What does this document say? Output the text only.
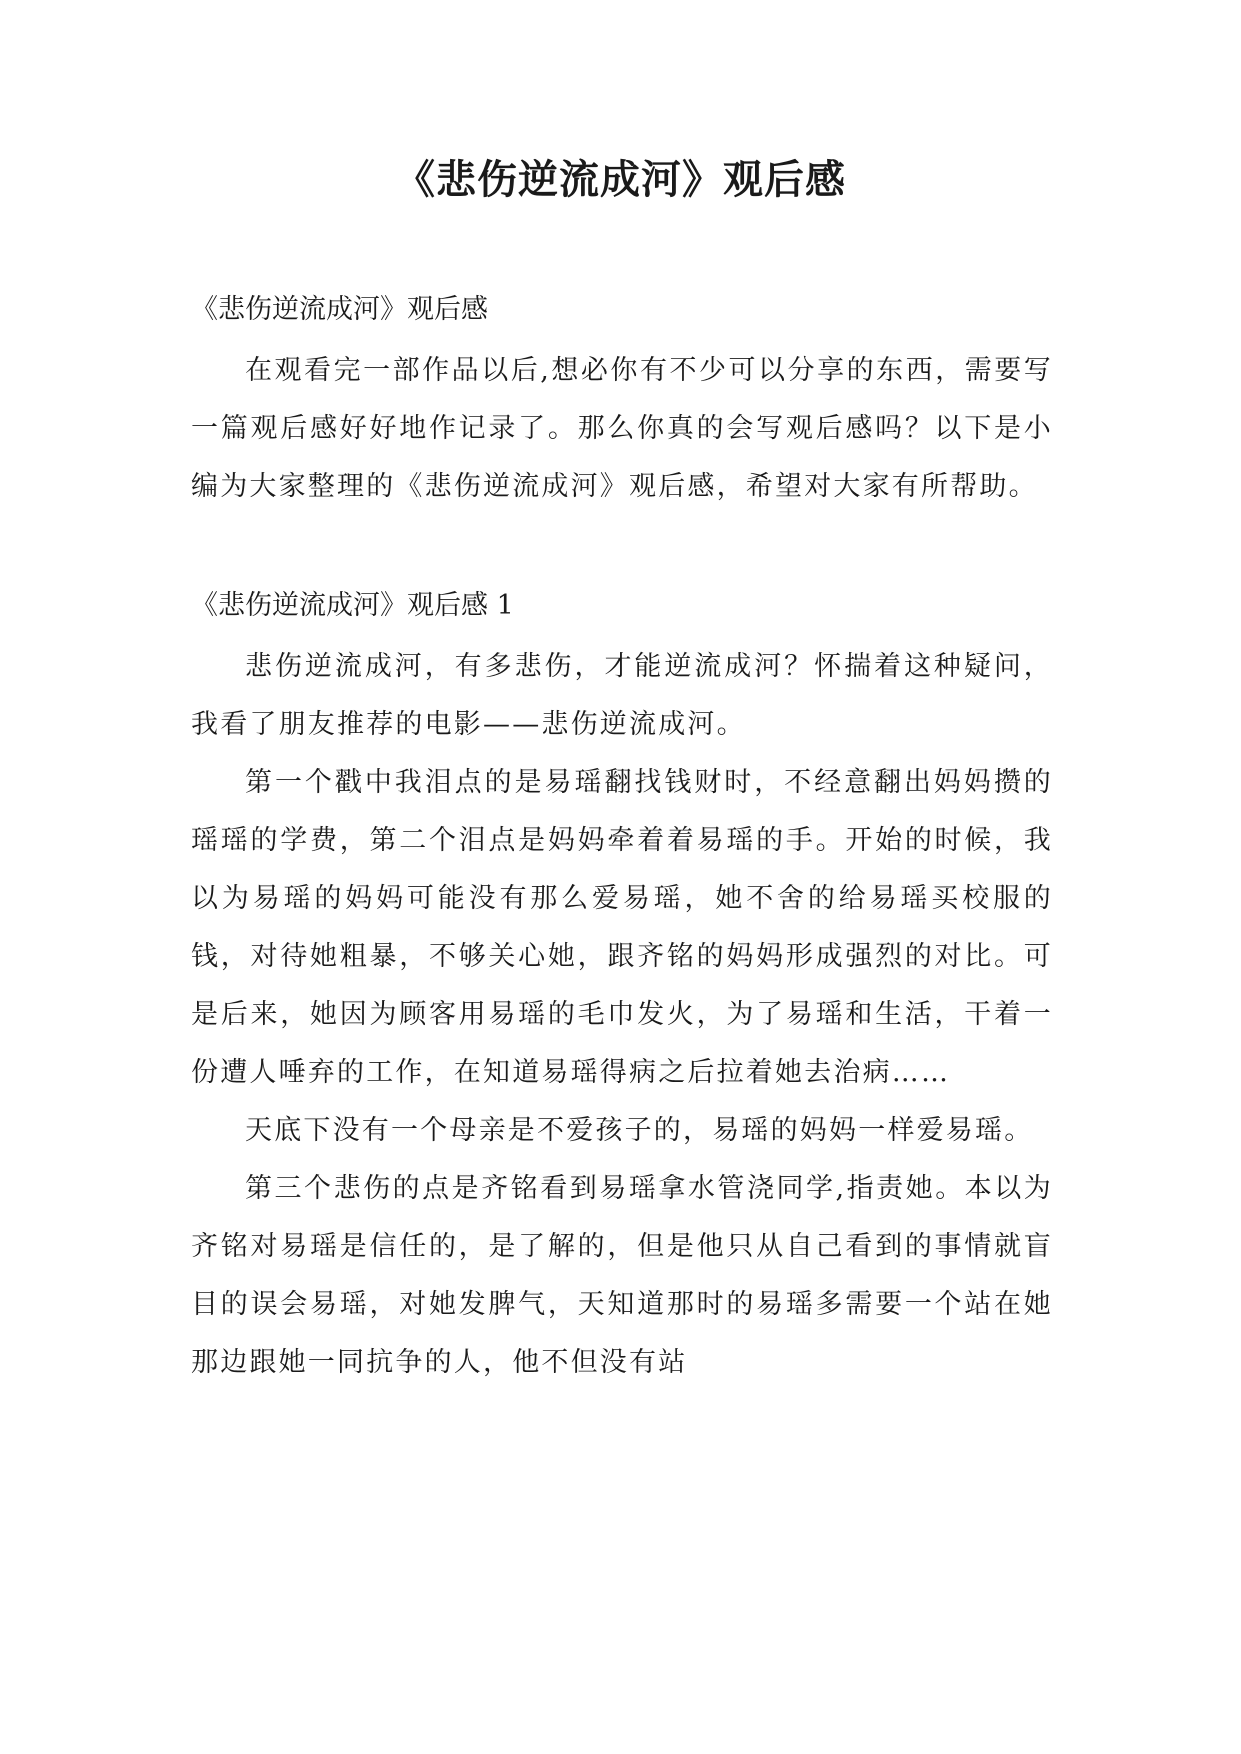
《悲伤逆流成河》观后感

《悲伤逆流成河》观后感

在观看完一部作品以后,想必你有不少可以分享的东西，需要写一篇观后感好好地作记录了。那么你真的会写观后感吗？以下是小编为大家整理的《悲伤逆流成河》观后感，希望对大家有所帮助。

《悲伤逆流成河》观后感 1

悲伤逆流成河，有多悲伤，才能逆流成河？怀揣着这种疑问，我看了朋友推荐的电影——悲伤逆流成河。

第一个戳中我泪点的是易瑶翻找钱财时，不经意翻出妈妈攒的瑶瑶的学费，第二个泪点是妈妈牵着着易瑶的手。开始的时候，我以为易瑶的妈妈可能没有那么爱易瑶，她不舍的给易瑶买校服的钱，对待她粗暴，不够关心她，跟齐铭的妈妈形成强烈的对比。可是后来，她因为顾客用易瑶的毛巾发火，为了易瑶和生活，干着一份遭人唾弃的工作，在知道易瑶得病之后拉着她去治病……

天底下没有一个母亲是不爱孩子的，易瑶的妈妈一样爱易瑶。

第三个悲伤的点是齐铭看到易瑶拿水管浇同学,指责她。本以为齐铭对易瑶是信任的，是了解的，但是他只从自己看到的事情就盲目的误会易瑶，对她发脾气，天知道那时的易瑶多需要一个站在她那边跟她一同抗争的人，他不但没有站
